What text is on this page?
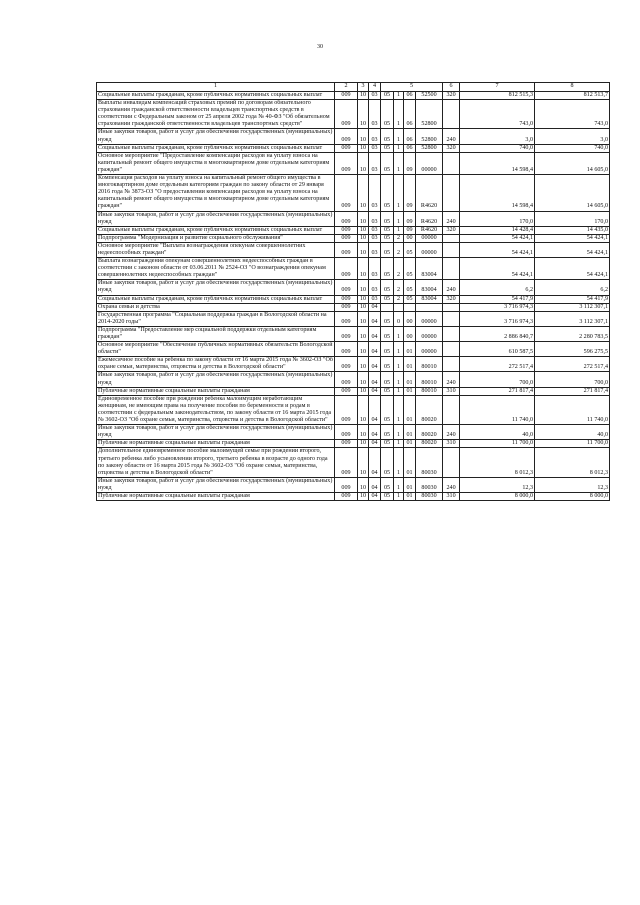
30
1	2	3	4	5				6	7	8
Социальные выплаты гражданам, кроме публичных нормативных социальных выплат	009	10	03	05	1	06	52500	320	812 515,3	812 513,7
Выплаты инвалидам компенсаций страховых премий по договорам обязательного страхования гражданской ответственности владельцев транспортных средств в соответствии с Федеральным законом от 25 апреля 2002 года № 40-ФЗ "Об обязательном страховании гражданской ответственности владельцев транспортных средств"	009	10	03	05	1	06	52800		743,0	743,0
Иные закупки товаров, работ и услуг для обеспечения государственных (муниципальных) нужд	009	10	03	05	1	06	52800	240	3,0	3,0
Социальные выплаты гражданам, кроме публичных нормативных социальных выплат	009	10	03	05	1	06	52800	320	740,0	740,0
Основное мероприятие "Предоставление компенсации расходов на уплату взноса на капитальный ремонт общего имущества в многоквартирном доме отдельным категориям граждан"	009	10	03	05	1	09	00000		14 598,4	14 605,0
Компенсация расходов на уплату взноса на капитальный ремонт общего имущества в многоквартирном доме отдельным категориям граждан по закону области от 29 января 2016 года № 3873-ОЗ "О предоставлении компенсации расходов на уплату взноса на капитальный ремонт общего имущества в многоквартирном доме отдельным категориям граждан"	009	10	03	05	1	09	R4620		14 598,4	14 605,0
Иные закупки товаров, работ и услуг для обеспечения государственных (муниципальных) нужд	009	10	03	05	1	09	R4620	240	170,0	170,0
Социальные выплаты гражданам, кроме публичных нормативных социальных выплат	009	10	03	05	1	09	R4620	320	14 428,4	14 435,0
Подпрограмма "Модернизация и развитие социального обслуживания"	009	10	03	05	2	00	00000		54 424,1	54 424,1
Основное мероприятие "Выплата вознаграждения опекунам совершеннолетних недееспособных граждан"	009	10	03	05	2	05	00000		54 424,1	54 424,1
Выплата вознаграждения опекунам совершеннолетних недееспособных граждан в соответствии с законом области от 03.06.2011 № 2524-ОЗ "О вознаграждении опекунам совершеннолетних недееспособных граждан"	009	10	03	05	2	05	83004		54 424,1	54 424,1
Иные закупки товаров, работ и услуг для обеспечения государственных (муниципальных) нужд	009	10	03	05	2	05	83004	240	6,2	6,2
Социальные выплаты гражданам, кроме публичных нормативных социальных выплат	009	10	03	05	2	05	83004	320	54 417,9	54 417,9
Охрана семьи и детства	009	10	04						3 716 974,3	3 112 307,1
Государственная программа "Социальная поддержка граждан в Вологодской области на 2014-2020 годы"	009	10	04	05	0	00	00000		3 716 974,3	3 112 307,1
Подпрограмма "Предоставление мер социальной поддержки отдельным категориям граждан"	009	10	04	05	1	00	00000		2 886 840,7	2 280 783,5
Основное мероприятие "Обеспечение публичных нормативных обязательств Вологодской области"	009	10	04	05	1	01	00000		610 587,5	596 275,5
Ежемесячное пособие на ребенка по закону области от 16 марта 2015 года № 3602-ОЗ "Об охране семьи, материнства, отцовства и детства в Вологодской области"	009	10	04	05	1	01	80010		272 517,4	272 517,4
Иные закупки товаров, работ и услуг для обеспечения государственных (муниципальных) нужд	009	10	04	05	1	01	80010	240	700,0	700,0
Публичные нормативные социальные выплаты гражданам	009	10	04	05	1	01	80010	310	271 817,4	271 817,4
Единовременное пособие при рождении ребенка малоимущим неработающим женщинам, не имеющим права на получение пособия по беременности и родам в соответствии с федеральным законодательством, по закону области от 16 марта 2015 года № 3602-ОЗ "Об охране семьи, материнства, отцовства и детства в Вологодской области"	009	10	04	05	1	01	80020		11 740,0	11 740,0
Иные закупки товаров, работ и услуг для обеспечения государственных (муниципальных) нужд	009	10	04	05	1	01	80020	240	40,0	40,0
Публичные нормативные социальные выплаты гражданам	009	10	04	05	1	01	80020	310	11 700,0	11 700,0
Дополнительное единовременное пособие малоимущей семье при рождении второго, третьего ребенка либо усыновлении второго, третьего ребенка в возрасте до одного года по закону области от 16 марта 2015 года № 3602-ОЗ "Об охране семьи, материнства, отцовства и детства в Вологодской области"	009	10	04	05	1	01	80030		8 012,3	8 012,3
Иные закупки товаров, работ и услуг для обеспечения государственных (муниципальных) нужд	009	10	04	05	1	01	80030	240	12,3	12,3
Публичные нормативные социальные выплаты гражданам	009	10	04	05	1	01	80030	310	8 000,0	8 000,0
